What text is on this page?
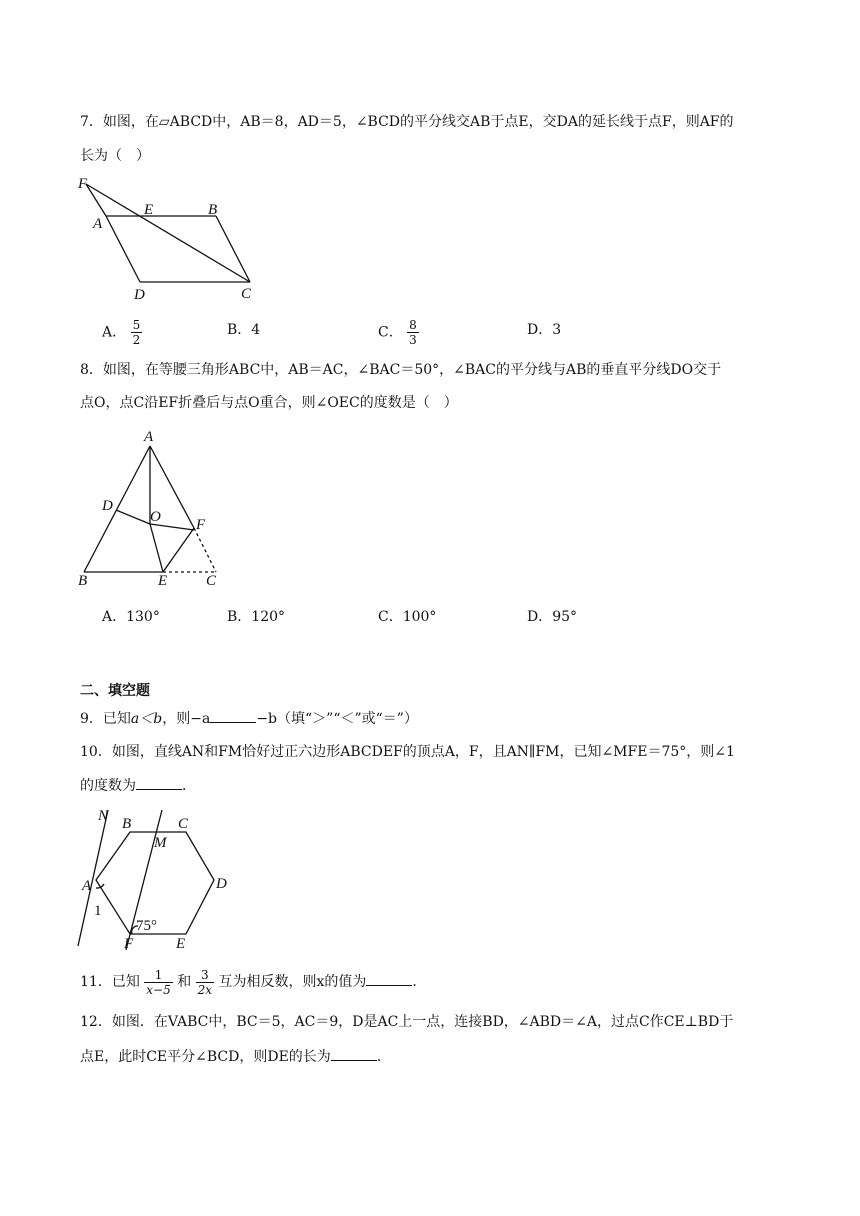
7．如图，在▱ABCD中，AB＝8，AD＝5，∠BCD的平分线交AB于点E，交DA的延长线于点F，则AF的
长为（　）
F
E	B
A
D	C
A． $\frac{5}{2}$	B．4	C． $\frac{8}{3}$	D．3
8．如图，在等腰三角形ABC中，AB＝AC，∠BAC＝50°，∠BAC的平分线与AB的垂直平分线DO交于
点O，点C沿EF折叠后与点O重合，则∠OEC的度数是（　）
A
D
O F
B	E	C
A．130°	B．120°	C．100°	D．95°
二、填空题
9．已知a＜b，则−a	−b（填“＞”“＜”或“＝”）
10．如图，直线AN和FM恰好过正六边形ABCDEF的顶点A，F，且AN∥FM，已知∠MFE＝75°，则∠1
的度数为	．
N B	C
M
A	D
1
75°
F	E
11．已知 $\frac{1}{x-5}$ 和 $\frac{3}{2x}$ 互为相反数，则x的值为	．
12．如图．在VABC中，BC＝5，AC＝9，D是AC上一点，连接BD，∠ABD＝∠A，过点C作CE⊥BD于
点E，此时CE平分∠BCD，则DE的长为	．
